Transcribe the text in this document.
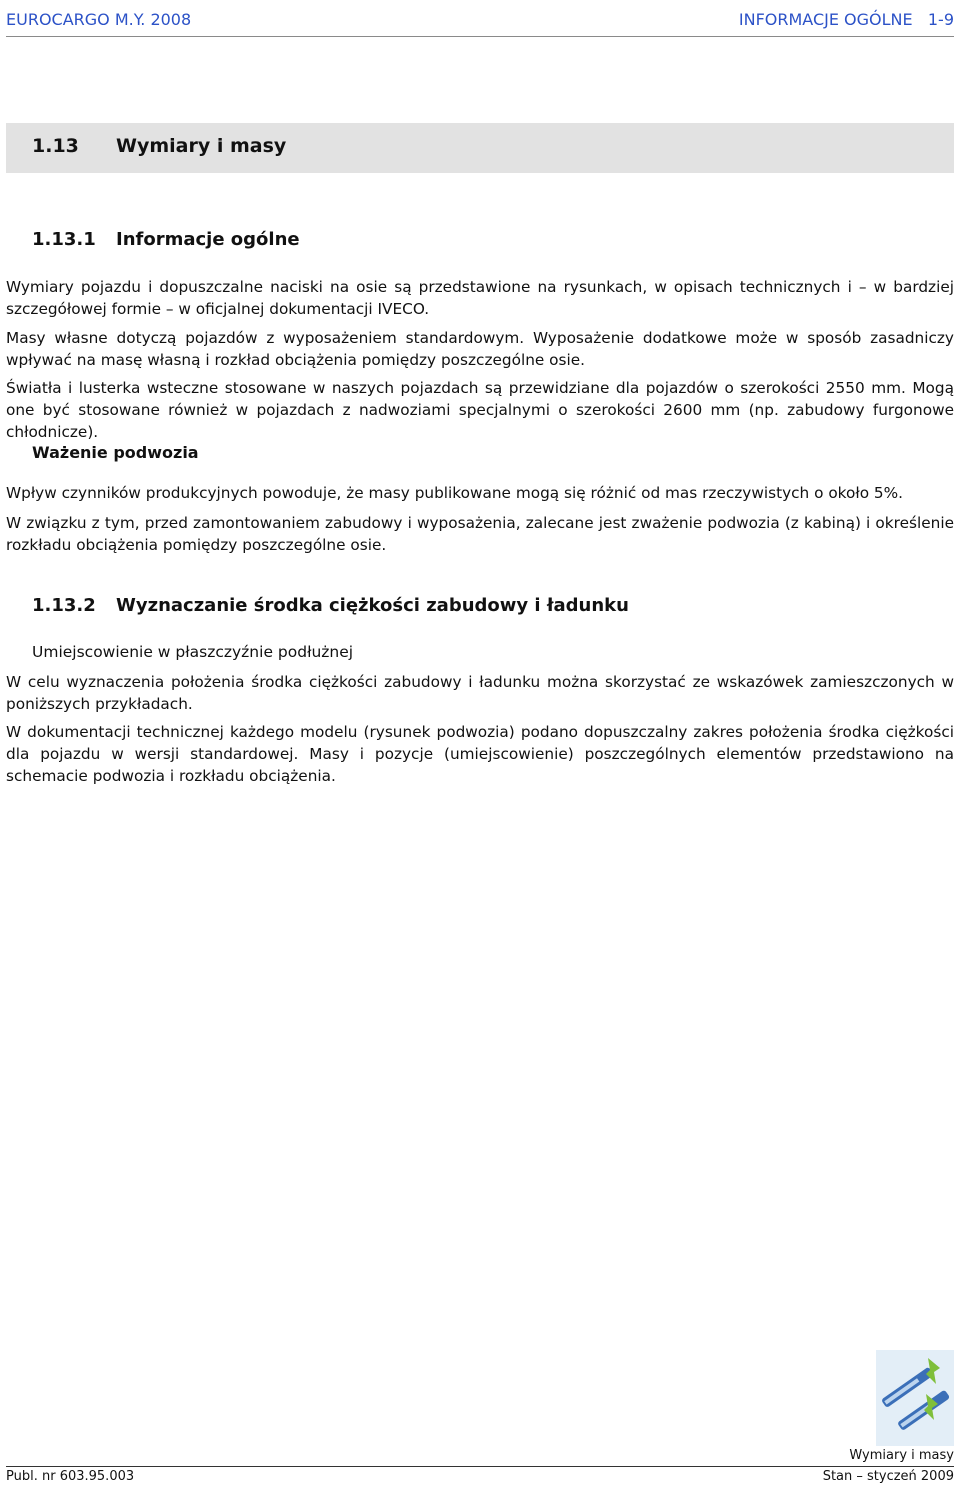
EUROCARGO M.Y. 2008	INFORMACJE OGÓLNE   1-9
1.13 Wymiary i masy
1.13.1 Informacje ogólne

Wymiary pojazdu i dopuszczalne naciski na osie są przedstawione na rysunkach, w opisach technicznych i – w bardziej szczegółowej formie – w oficjalnej dokumentacji IVECO.

Masy własne dotyczą pojazdów z wyposażeniem standardowym. Wyposażenie dodatkowe może w sposób zasadniczy wpływać na masę własną i rozkład obciążenia pomiędzy poszczególne osie.

Światła i lusterka wsteczne stosowane w naszych pojazdach są przewidziane dla pojazdów o szerokości 2550 mm. Mogą one być stosowane również w pojazdach z nadwoziami specjalnymi o szerokości 2600 mm (np. zabudowy furgonowe chłodnicze).

Ważenie podwozia

Wpływ czynników produkcyjnych powoduje, że masy publikowane mogą się różnić od mas rzeczywistych o około 5%.

W związku z tym, przed zamontowaniem zabudowy i wyposażenia, zalecane jest zważenie podwozia (z kabiną) i określenie rozkładu obciążenia pomiędzy poszczególne osie.

1.13.2 Wyznaczanie środka ciężkości zabudowy i ładunku
Umiejscowienie w płaszczyźnie podłużnej

W celu wyznaczenia położenia środka ciężkości zabudowy i ładunku można skorzystać ze wskazówek zamieszczonych w poniższych przykładach.

W dokumentacji technicznej każdego modelu (rysunek podwozia) podano dopuszczalny zakres położenia środka ciężkości dla pojazdu w wersji standardowej. Masy i pozycje (umiejscowienie) poszczególnych elementów przedstawiono na schemacie podwozia i rozkładu obciążenia.

Wymiary i masy
Publ. nr 603.95.003	Stan – styczeń 2009
